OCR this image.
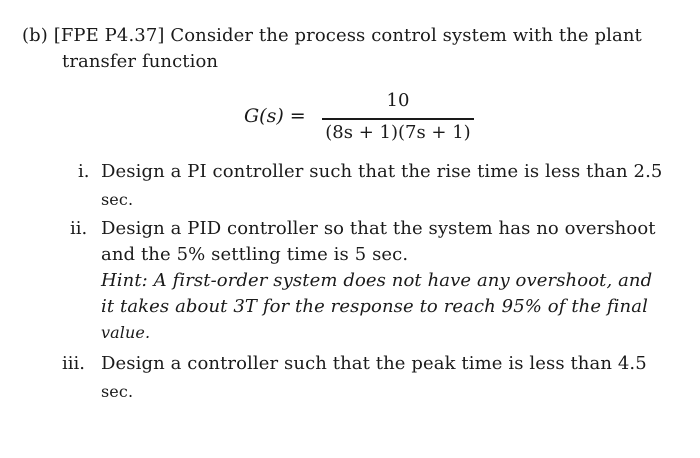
(b) [FPE P4.37] Consider the process control system with the plant
transfer function
G(s) =
10
(8s + 1)(7s + 1)
i. Design a PI controller such that the rise time is less than 2.5
sec.
ii. Design a PID controller so that the system has no overshoot
and the 5% settling time is 5 sec.
Hint: A first-order system does not have any overshoot, and
it takes about 3T for the response to reach 95% of the final
value.
iii. Design a controller such that the peak time is less than 4.5
sec.
